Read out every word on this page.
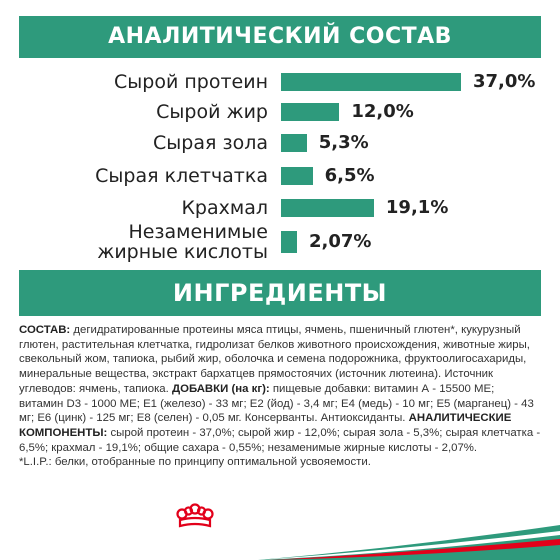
АНАЛИТИЧЕСКИЙ СОСТАВ
Сырой протеин	37,0%
Сырой жир	12,0%
Сырая зола	5,3%
Сырая клетчатка	6,5%
Крахмал	19,1%
Незаменимые
жирные кислоты 2,07%
ИНГРЕДИЕНТЫ
СОСТАВ: дегидратированные протеины мяса птицы, ячмень, пшеничный глютен*, кукурузный глютен, растительная клетчатка, гидролизат белков животного происхождения, животные жиры, свекольный жом, тапиока, рыбий жир, оболочка и семена подорожника, фруктоолигосахариды, минеральные вещества, экстракт бархатцев прямостоячих (источник лютеина). Источник углеводов: ячмень, тапиока. ДОБАВКИ (на кг): пищевые добавки: витамин А - 15500 МЕ; витамин D3 - 1000 МЕ; E1 (железо) - 33 мг; E2 (йод) - 3,4 мг; E4 (медь) - 10 мг; E5 (марганец) - 43 мг; E6 (цинк) - 125 мг; E8 (селен) - 0,05 мг. Консерванты. Антиоксиданты. АНАЛИТИЧЕСКИЕ КОМПОНЕНТЫ: сырой протеин - 37,0%; сырой жир - 12,0%; сырая зола - 5,3%; сырая клетчатка - 6,5%; крахмал - 19,1%; общие сахара - 0,55%; незаменимые жирные кислоты - 2,07%.
*L.I.P.: белки, отобранные по принципу оптимальной усвояемости.
